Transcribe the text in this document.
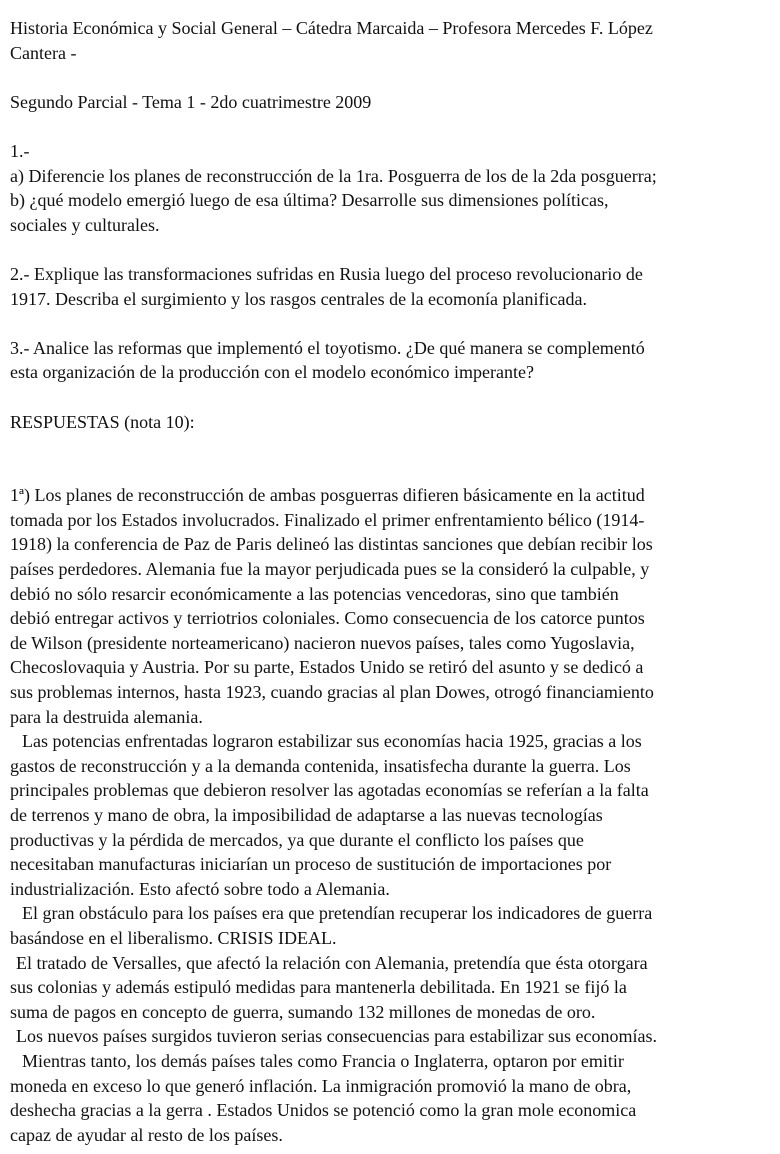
Historia Económica y Social General – Cátedra Marcaida – Profesora Mercedes F. López

Cantera -

Segundo Parcial - Tema 1 - 2do cuatrimestre 2009

1.-

a) Diferencie los planes de reconstrucción de la 1ra. Posguerra de los de la 2da posguerra;

b) ¿qué modelo emergió luego de esa última? Desarrolle sus dimensiones políticas,

sociales y culturales.

2.- Explique las transformaciones sufridas en Rusia luego del proceso revolucionario de

1917. Describa el surgimiento y los rasgos centrales de la ecomonía planificada.

3.- Analice las reformas que implementó el toyotismo. ¿De qué manera se complementó

esta organización de la producción con el modelo económico imperante?

RESPUESTAS (nota 10):

1ª) Los planes de reconstrucción de ambas posguerras difieren básicamente en la actitud

tomada por los Estados involucrados. Finalizado el primer enfrentamiento bélico (1914-

1918) la conferencia de Paz de Paris delineó las distintas sanciones que debían recibir los

países perdedores. Alemania fue la mayor perjudicada pues se la consideró la culpable, y

debió no sólo resarcir económicamente a las potencias vencedoras, sino que también

debió entregar activos y terriotrios coloniales. Como consecuencia de los catorce puntos

de Wilson (presidente norteamericano) nacieron nuevos países, tales como Yugoslavia,

Checoslovaquia y Austria. Por su parte, Estados Unido se retiró del asunto y se dedicó a

sus problemas internos, hasta 1923, cuando gracias al plan Dowes, otrogó financiamiento

para la destruida alemania.

Las potencias enfrentadas lograron estabilizar sus economías hacia 1925, gracias a los

gastos de reconstrucción y a la demanda contenida, insatisfecha durante la guerra. Los

principales problemas que debieron resolver las agotadas economías se referían a la falta

de terrenos y mano de obra, la imposibilidad de adaptarse a las nuevas tecnologías

productivas y la pérdida de mercados, ya que durante el conflicto los países que

necesitaban manufacturas iniciarían un proceso de sustitución de importaciones por

industrialización. Esto afectó sobre todo a Alemania.

El gran obstáculo para los países era que pretendían recuperar los indicadores de guerra

basándose en el liberalismo. CRISIS IDEAL.

El tratado de Versalles, que afectó la relación con Alemania, pretendía que ésta otorgara

sus colonias y además estipuló medidas para mantenerla debilitada. En 1921 se fijó la

suma de pagos en concepto de guerra, sumando 132 millones de monedas de oro.

Los nuevos países surgidos tuvieron serias consecuencias para estabilizar sus economías.

Mientras tanto, los demás países tales como Francia o Inglaterra, optaron por emitir

moneda en exceso lo que generó inflación. La inmigración promovió la mano de obra,

deshecha gracias a la gerra . Estados Unidos se potenció como la gran mole economica

capaz de ayudar al resto de los países.
